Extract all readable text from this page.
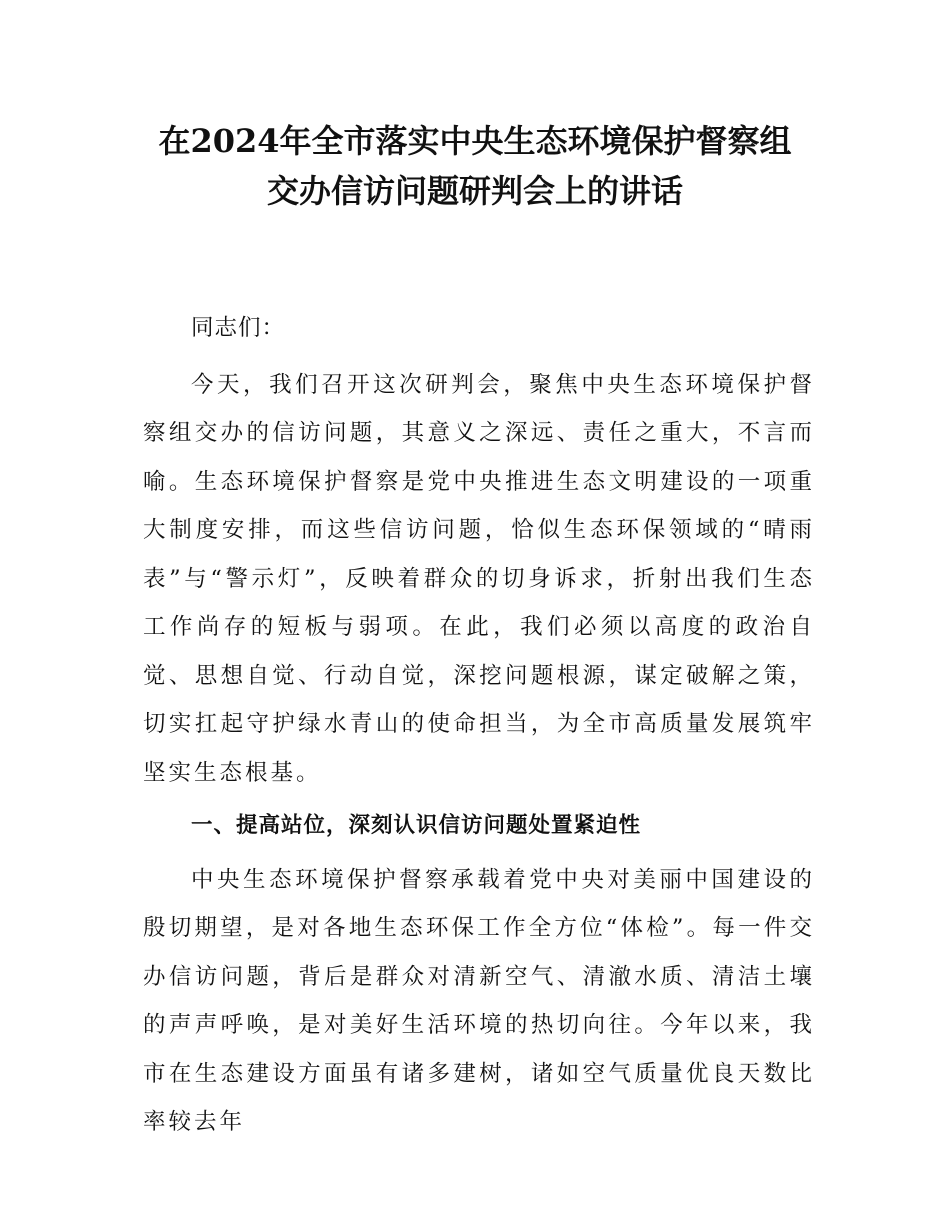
在2024年全市落实中央生态环境保护督察组
交办信访问题研判会上的讲话
同志们：

今天，我们召开这次研判会，聚焦中央生态环境保护督察组交办的信访问题，其意义之深远、责任之重大，不言而喻。生态环境保护督察是党中央推进生态文明建设的一项重大制度安排，而这些信访问题，恰似生态环保领域的“晴雨表”与“警示灯”，反映着群众的切身诉求，折射出我们生态工作尚存的短板与弱项。在此，我们必须以高度的政治自觉、思想自觉、行动自觉，深挖问题根源，谋定破解之策，切实扛起守护绿水青山的使命担当，为全市高质量发展筑牢坚实生态根基。

一、提高站位，深刻认识信访问题处置紧迫性

中央生态环境保护督察承载着党中央对美丽中国建设的殷切期望，是对各地生态环保工作全方位“体检”。每一件交办信访问题，背后是群众对清新空气、清澈水质、清洁土壤的声声呼唤，是对美好生活环境的热切向往。今年以来，我市在生态建设方面虽有诸多建树，诸如空气质量优良天数比率较去年
